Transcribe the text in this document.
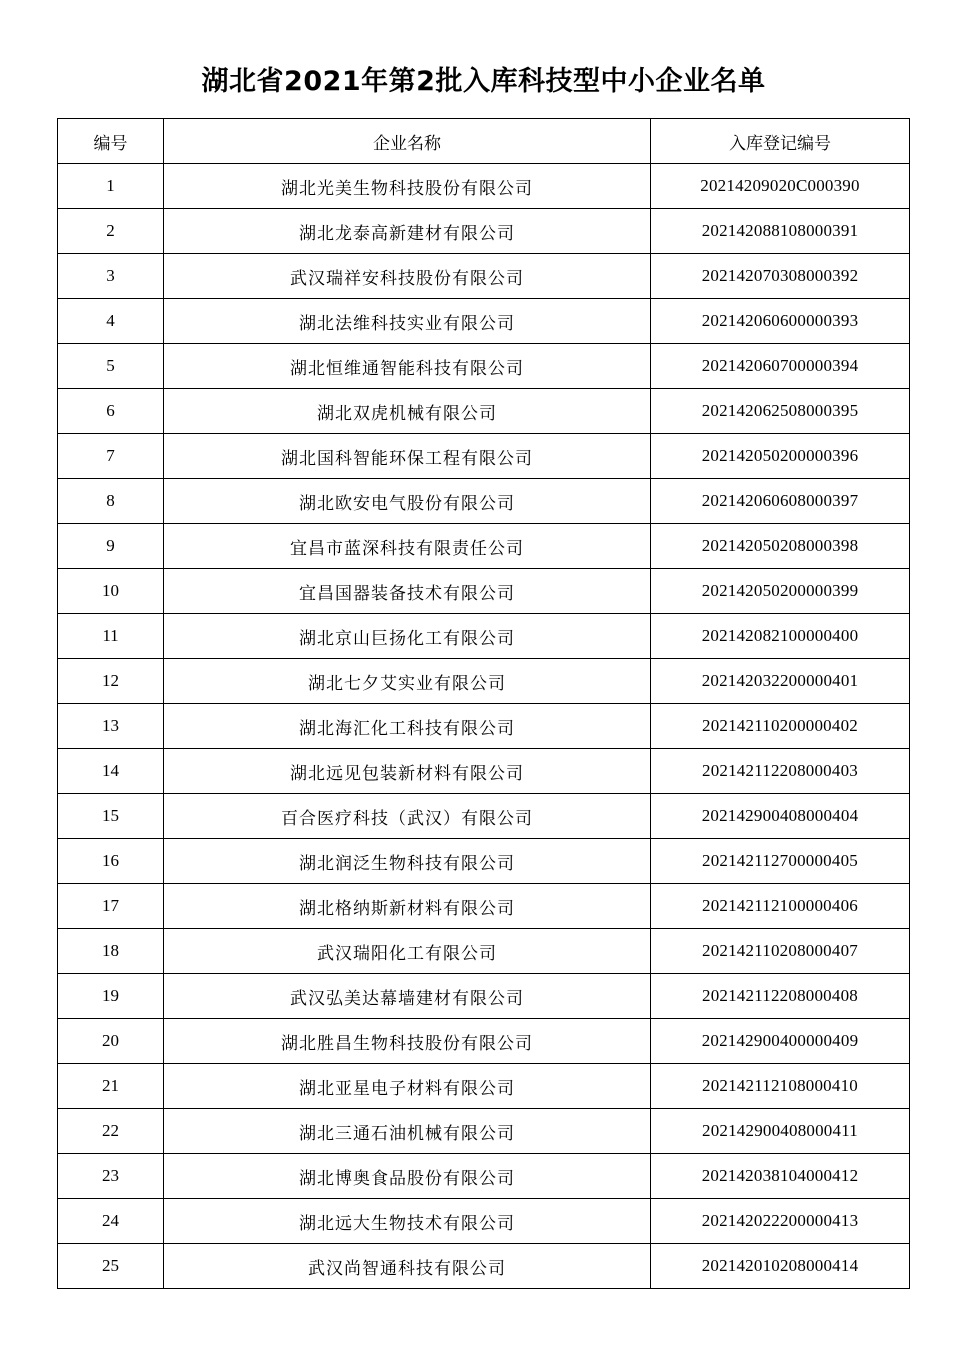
湖北省2021年第2批入库科技型中小企业名单
编号	企业名称	入库登记编号
1	湖北光美生物科技股份有限公司	20214209020C000390
2	湖北龙泰高新建材有限公司	202142088108000391
3	武汉瑞祥安科技股份有限公司	202142070308000392
4	湖北法维科技实业有限公司	202142060600000393
5	湖北恒维通智能科技有限公司	202142060700000394
6	湖北双虎机械有限公司	202142062508000395
7	湖北国科智能环保工程有限公司	202142050200000396
8	湖北欧安电气股份有限公司	202142060608000397
9	宜昌市蓝深科技有限责任公司	202142050208000398
10	宜昌国器装备技术有限公司	202142050200000399
11	湖北京山巨扬化工有限公司	202142082100000400
12	湖北七夕艾实业有限公司	202142032200000401
13	湖北海汇化工科技有限公司	202142110200000402
14	湖北远见包装新材料有限公司	202142112208000403
15	百合医疗科技（武汉）有限公司	202142900408000404
16	湖北润泛生物科技有限公司	202142112700000405
17	湖北格纳斯新材料有限公司	202142112100000406
18	武汉瑞阳化工有限公司	202142110208000407
19	武汉弘美达幕墙建材有限公司	202142112208000408
20	湖北胜昌生物科技股份有限公司	202142900400000409
21	湖北亚星电子材料有限公司	202142112108000410
22	湖北三通石油机械有限公司	202142900408000411
23	湖北博奥食品股份有限公司	202142038104000412
24	湖北远大生物技术有限公司	202142022200000413
25	武汉尚智通科技有限公司	202142010208000414
